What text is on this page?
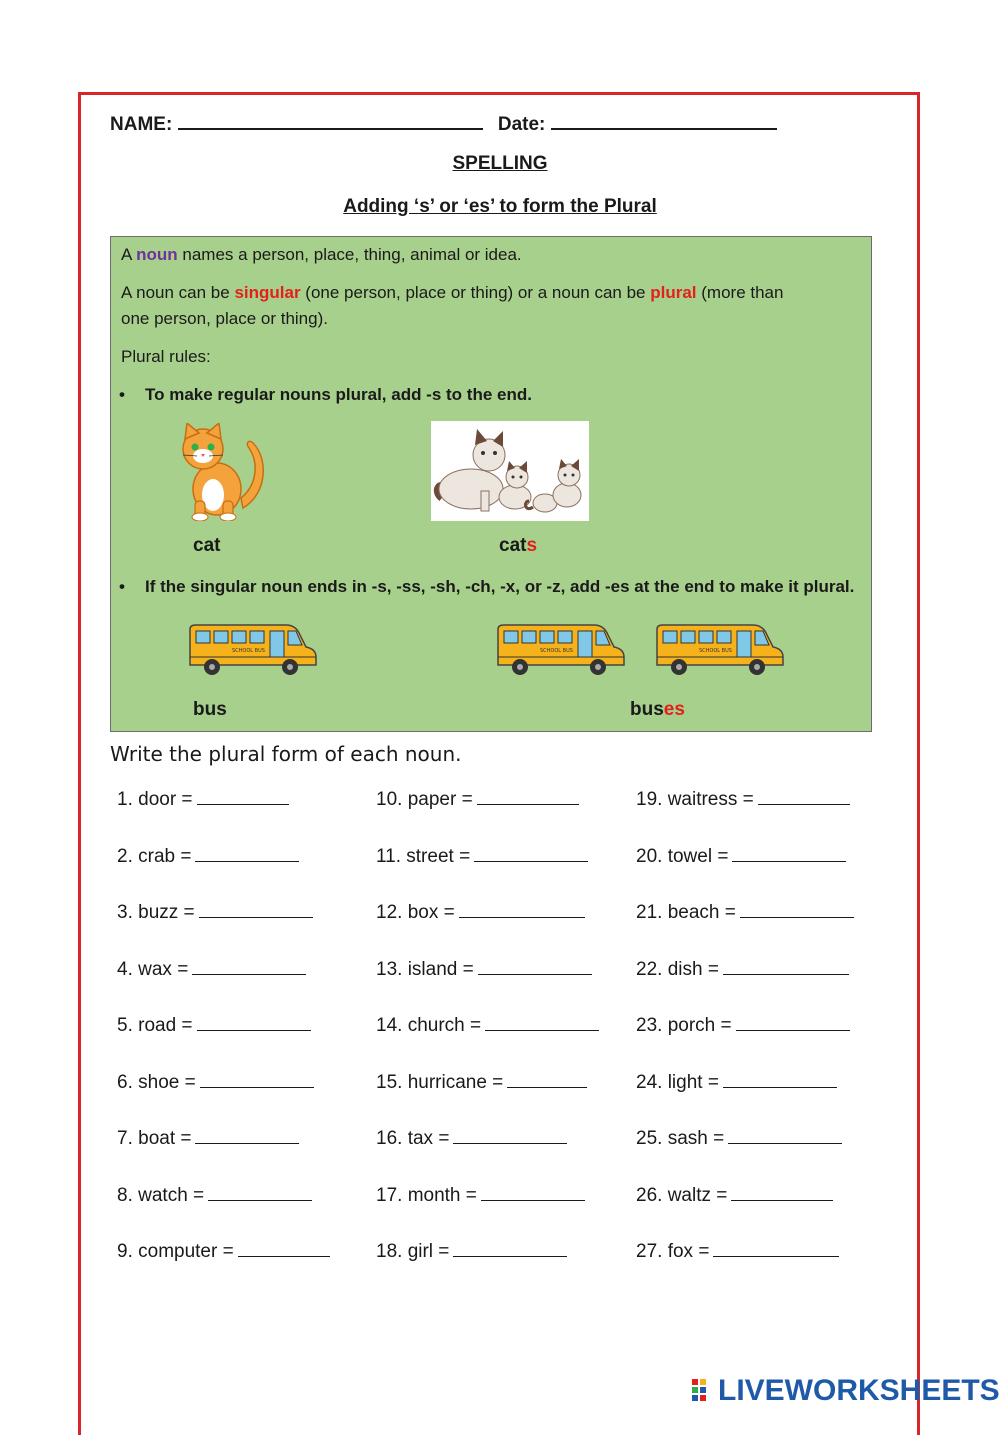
NAME:	Date:
SPELLING
Adding ‘s’ or ‘es’ to form the Plural
A noun names a person, place, thing, animal or idea.
A noun can be singular (one person, place or thing) or a noun can be plural (more than
one person, place or thing).
Plural rules:
• To make regular nouns plural, add -s to the end.
cat	cats
• If the singular noun ends in -s, -ss, -sh, -ch, -x, or -z, add -es at the end to make it plural.
SCHOOL BUS	SCHOOL BUS	SCHOOL BUS
bus	buses
Write the plural form of each noun.
1. door =
2. crab =
3. buzz =
4. wax =
5. road =
6. shoe =
7. boat =
8. watch =
9. computer =
10. paper =
11. street =
12. box =
13. island =
14. church =
15. hurricane =
16. tax =
17. month =
18. girl =
19. waitress =
20. towel =
21. beach =
22. dish =
23. porch =
24. light =
25. sash =
26. waltz =
27. fox =
LIVEWORKSHEETS
